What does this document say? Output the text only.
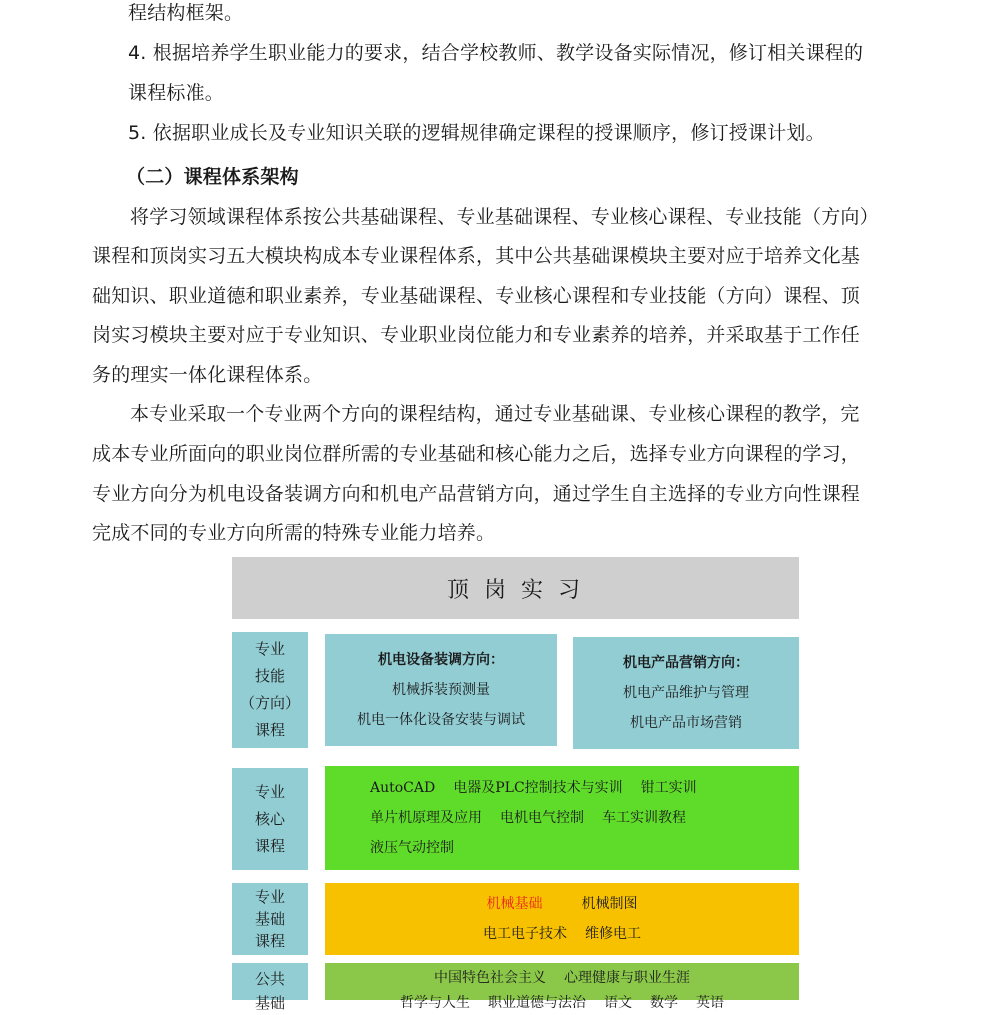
程结构框架。
4. 根据培养学生职业能力的要求，结合学校教师、教学设备实际情况，修订相关课程的
课程标准。
5. 依据职业成长及专业知识关联的逻辑规律确定课程的授课顺序，修订授课计划。
（二）课程体系架构
将学习领域课程体系按公共基础课程、专业基础课程、专业核心课程、专业技能（方向）
课程和顶岗实习五大模块构成本专业课程体系，其中公共基础课模块主要对应于培养文化基
础知识、职业道德和职业素养，专业基础课程、专业核心课程和专业技能（方向）课程、顶
岗实习模块主要对应于专业知识、专业职业岗位能力和专业素养的培养，并采取基于工作任
务的理实一体化课程体系。
本专业采取一个专业两个方向的课程结构，通过专业基础课、专业核心课程的教学，完
成本专业所面向的职业岗位群所需的专业基础和核心能力之后，选择专业方向课程的学习，
专业方向分为机电设备装调方向和机电产品营销方向，通过学生自主选择的专业方向性课程
完成不同的专业方向所需的特殊专业能力培养。
顶 岗 实 习
专业
技能
（方向）
课程
机电设备装调方向：
机械拆装预测量
机电一体化设备安装与调试
机电产品营销方向：
机电产品维护与管理
机电产品市场营销
专业
核心
课程
AutoCAD 电器及PLC控制技术与实训 钳工实训
单片机原理及应用 电机电气控制 车工实训教程
液压气动控制
专业
基础
课程
机械基础	机械制图
电工电子技术 维修电工
公共
基础
中国特色社会主义 心理健康与职业生涯
哲学与人生 职业道德与法治 语文 数学 英语
